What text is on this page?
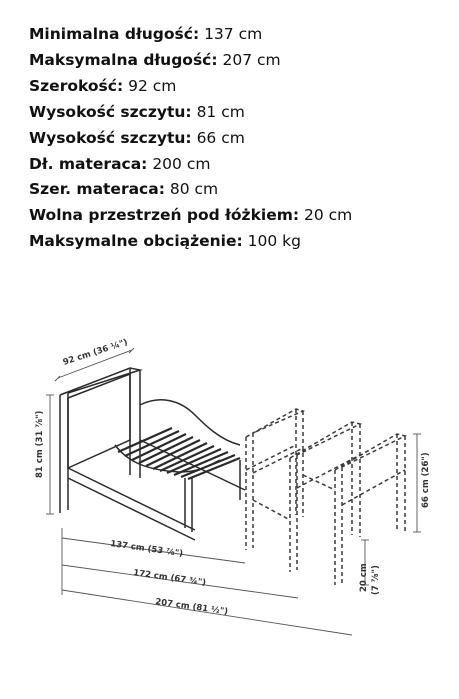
Minimalna długość: 137 cm
Maksymalna długość: 207 cm
Szerokość: 92 cm
Wysokość szczytu: 81 cm
Wysokość szczytu: 66 cm
Dł. materaca: 200 cm
Szer. materaca: 80 cm
Wolna przestrzeń pod łóżkiem: 20 cm
Maksymalne obciążenie: 100 kg
92 cm (36 ¼")
81 cm (31 ⅞")
66 cm (26")
20 cm (7 ⅞")
137 cm (53 ⅞")
172 cm (67 ¾")
207 cm (81 ½")
